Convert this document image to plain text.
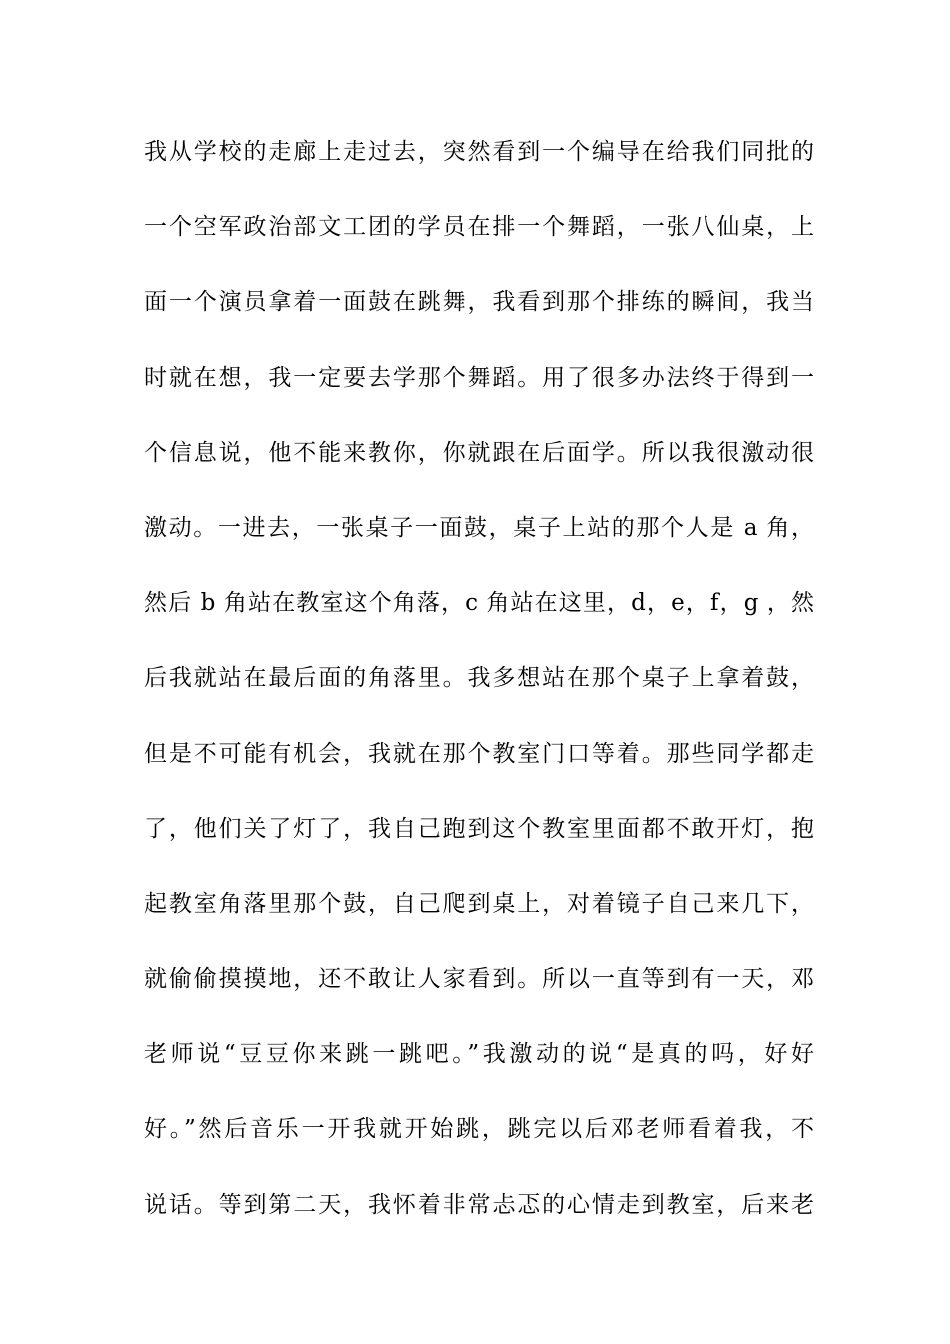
我从学校的走廊上走过去，突然看到一个编导在给我们同批的
一个空军政治部文工团的学员在排一个舞蹈，一张八仙桌，上
面一个演员拿着一面鼓在跳舞，我看到那个排练的瞬间，我当
时就在想，我一定要去学那个舞蹈。用了很多办法终于得到一
个信息说，他不能来教你，你就跟在后面学。所以我很激动很
激动。一进去，一张桌子一面鼓，桌子上站的那个人是 a 角，
然后 b 角站在教室这个角落，c 角站在这里，d，e，f，g ，然
后我就站在最后面的角落里。我多想站在那个桌子上拿着鼓，
但是不可能有机会，我就在那个教室门口等着。那些同学都走
了，他们关了灯了，我自己跑到这个教室里面都不敢开灯，抱
起教室角落里那个鼓，自己爬到桌上，对着镜子自己来几下，
就偷偷摸摸地，还不敢让人家看到。所以一直等到有一天，邓
老师说“豆豆你来跳一跳吧。”我激动的说“是真的吗，好好
好。”然后音乐一开我就开始跳，跳完以后邓老师看着我，不
说话。等到第二天，我怀着非常忐忑的心情走到教室，后来老
